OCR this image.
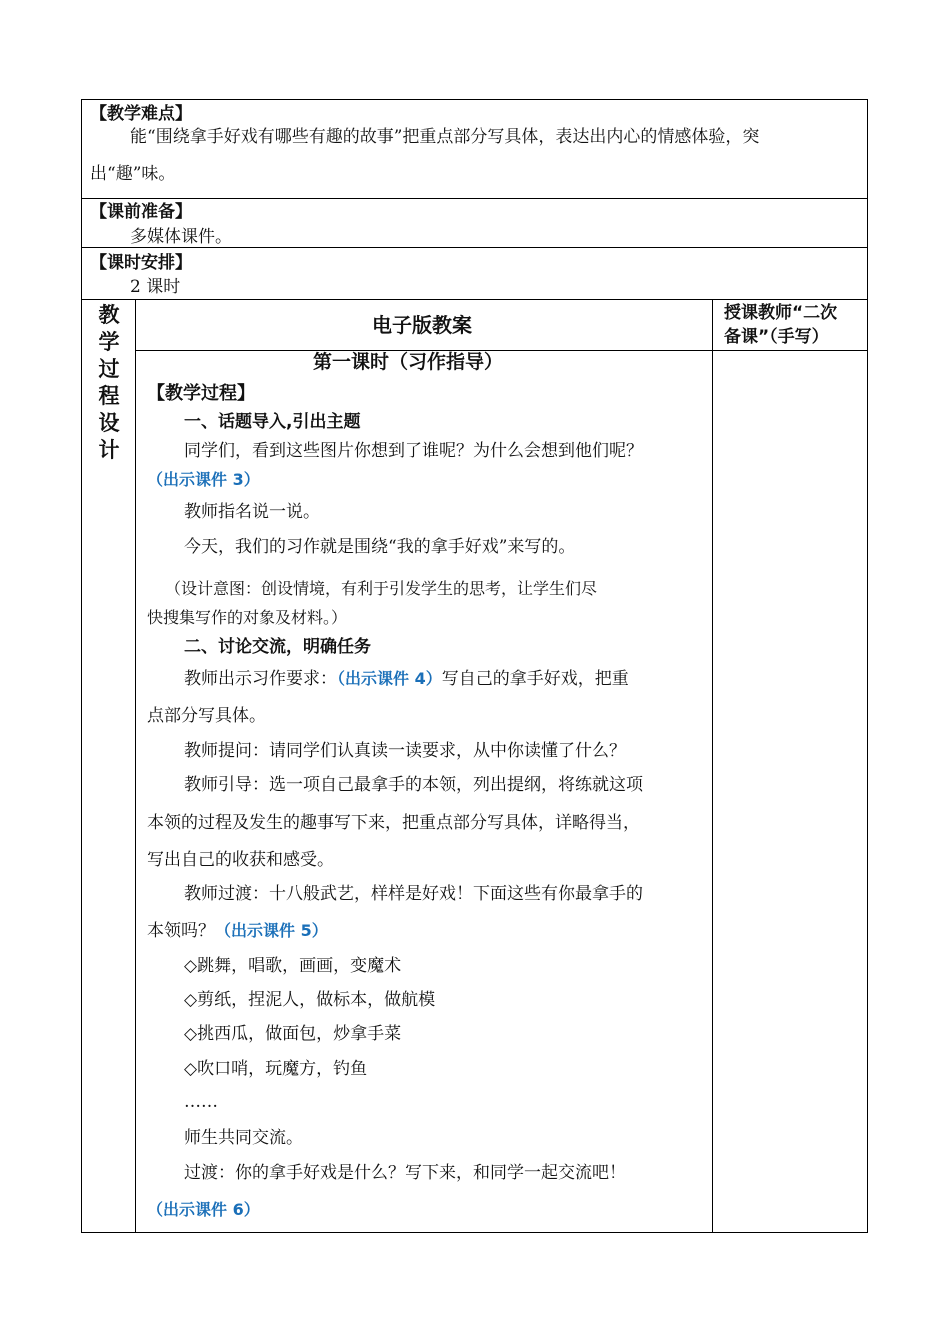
【教学难点】
能“围绕拿手好戏有哪些有趣的故事”把重点部分写具体，表达出内心的情感体验，突
出“趣”味。
【课前准备】
多媒体课件。
【课时安排】
2 课时
教
学
过
程
设
计
电子版教案	授课教师“二次
备课”（手写）
第一课时（习作指导）
【教学过程】
一、话题导入,引出主题
同学们，看到这些图片你想到了谁呢？为什么会想到他们呢？
（出示课件 3）
教师指名说一说。
今天，我们的习作就是围绕“我的拿手好戏”来写的。
（设计意图：创设情境，有利于引发学生的思考，让学生们尽
快搜集写作的对象及材料。）
二、讨论交流，明确任务
教师出示习作要求：（出示课件 4）写自己的拿手好戏，把重
点部分写具体。
教师提问：请同学们认真读一读要求，从中你读懂了什么？
教师引导：选一项自己最拿手的本领，列出提纲，将练就这项
本领的过程及发生的趣事写下来，把重点部分写具体，详略得当，
写出自己的收获和感受。
教师过渡：十八般武艺，样样是好戏！下面这些有你最拿手的
本领吗？（出示课件 5）
◇跳舞，唱歌，画画，变魔术
◇剪纸，捏泥人，做标本，做航模
◇挑西瓜，做面包，炒拿手菜
◇吹口哨，玩魔方，钓鱼
……
师生共同交流。
过渡：你的拿手好戏是什么？写下来，和同学一起交流吧！
（出示课件 6）
